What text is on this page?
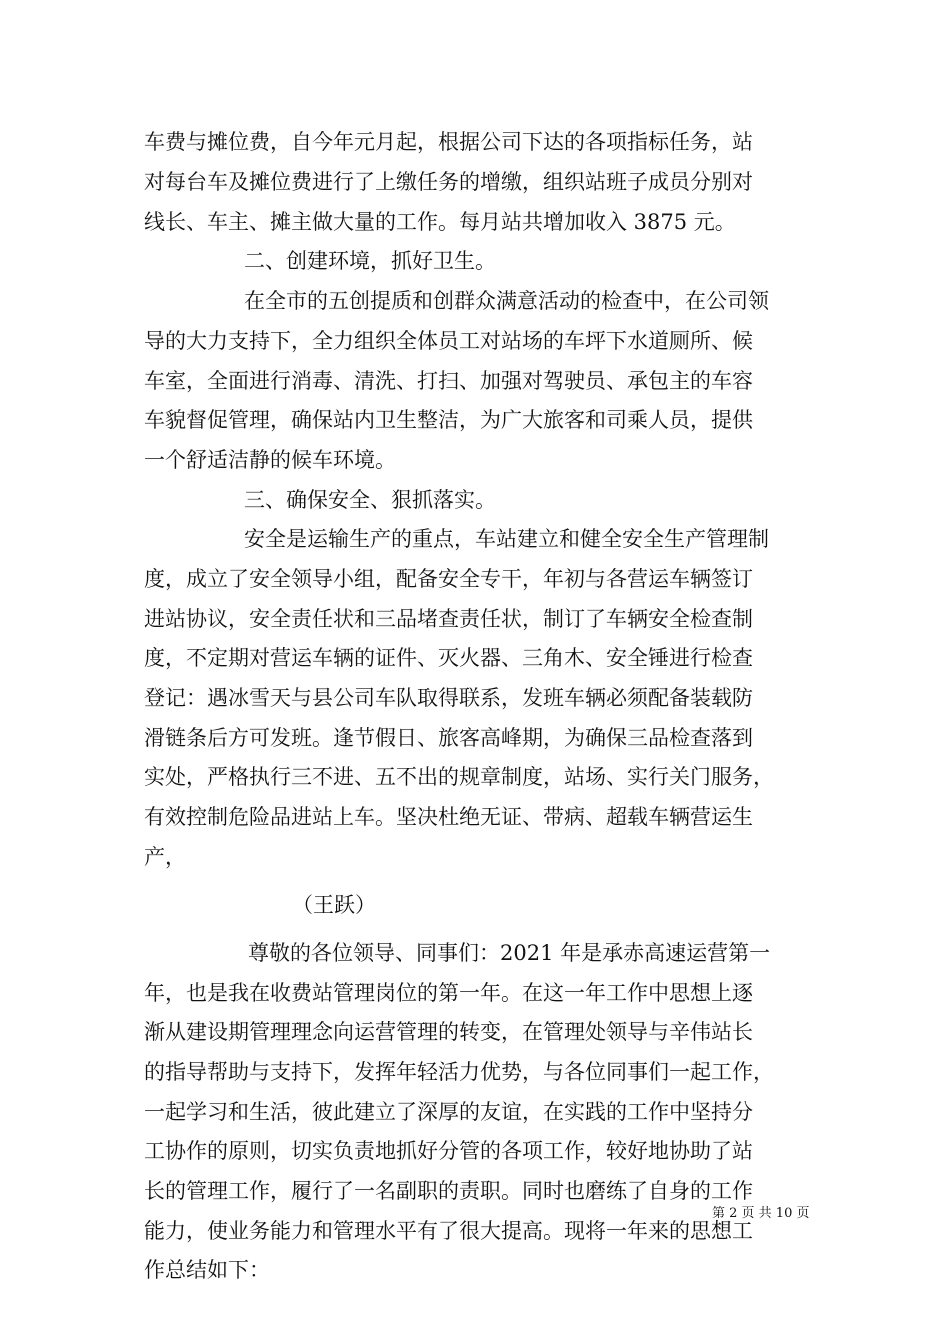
车费与摊位费，自今年元月起，根据公司下达的各项指标任务，站
对每台车及摊位费进行了上缴任务的增缴，组织站班子成员分别对
线长、车主、摊主做大量的工作。每月站共增加收入 3875 元。
二、创建环境，抓好卫生。
在全市的五创提质和创群众满意活动的检查中，在公司领
导的大力支持下，全力组织全体员工对站场的车坪下水道厕所、候
车室，全面进行消毒、清洗、打扫、加强对驾驶员、承包主的车容
车貌督促管理，确保站内卫生整洁，为广大旅客和司乘人员，提供
一个舒适洁静的候车环境。
三、确保安全、狠抓落实。
安全是运输生产的重点，车站建立和健全安全生产管理制
度，成立了安全领导小组，配备安全专干，年初与各营运车辆签订
进站协议，安全责任状和三品堵查责任状，制订了车辆安全检查制
度，不定期对营运车辆的证件、灭火器、三角木、安全锤进行检查
登记：遇冰雪天与县公司车队取得联系，发班车辆必须配备装载防
滑链条后方可发班。逢节假日、旅客高峰期，为确保三品检查落到
实处，严格执行三不进、五不出的规章制度，站场、实行关门服务，
有效控制危险品进站上车。坚决杜绝无证、带病、超载车辆营运生
产，
（王跃）
尊敬的各位领导、同事们：2021 年是承赤高速运营第一
年，也是我在收费站管理岗位的第一年。在这一年工作中思想上逐
渐从建设期管理理念向运营管理的转变，在管理处领导与辛伟站长
的指导帮助与支持下，发挥年轻活力优势，与各位同事们一起工作，
一起学习和生活，彼此建立了深厚的友谊，在实践的工作中坚持分
工协作的原则，切实负责地抓好分管的各项工作，较好地协助了站
长的管理工作，履行了一名副职的责职。同时也磨练了自身的工作
能力，使业务能力和管理水平有了很大提高。现将一年来的思想工
作总结如下：
第 2 页 共 10 页
